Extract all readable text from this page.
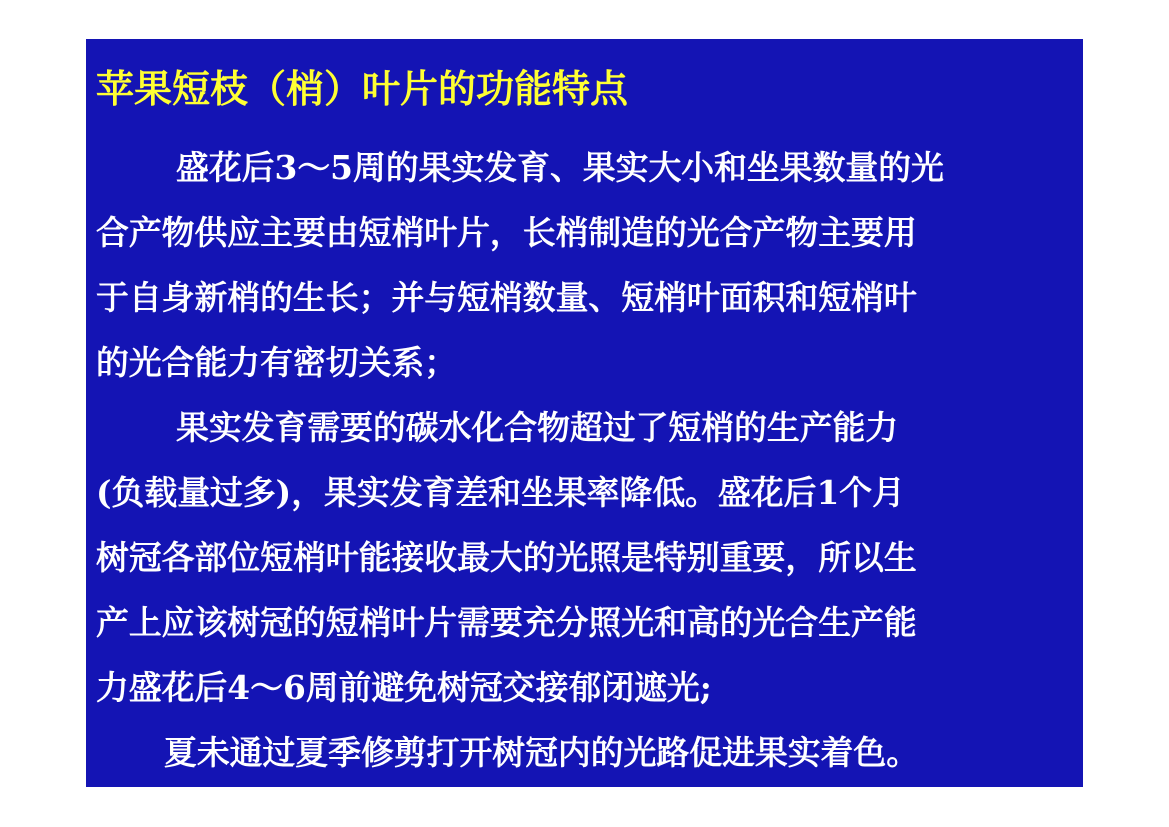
苹果短枝（梢）叶片的功能特点
盛花后3～5周的果实发育、果实大小和坐果数量的光
合产物供应主要由短梢叶片，长梢制造的光合产物主要用
于自身新梢的生长；并与短梢数量、短梢叶面积和短梢叶
的光合能力有密切关系；
果实发育需要的碳水化合物超过了短梢的生产能力
(负载量过多)，果实发育差和坐果率降低。盛花后1个月
树冠各部位短梢叶能接收最大的光照是特别重要，所以生
产上应该树冠的短梢叶片需要充分照光和高的光合生产能
力盛花后4～6周前避免树冠交接郁闭遮光;
夏未通过夏季修剪打开树冠内的光路促进果实着色。
